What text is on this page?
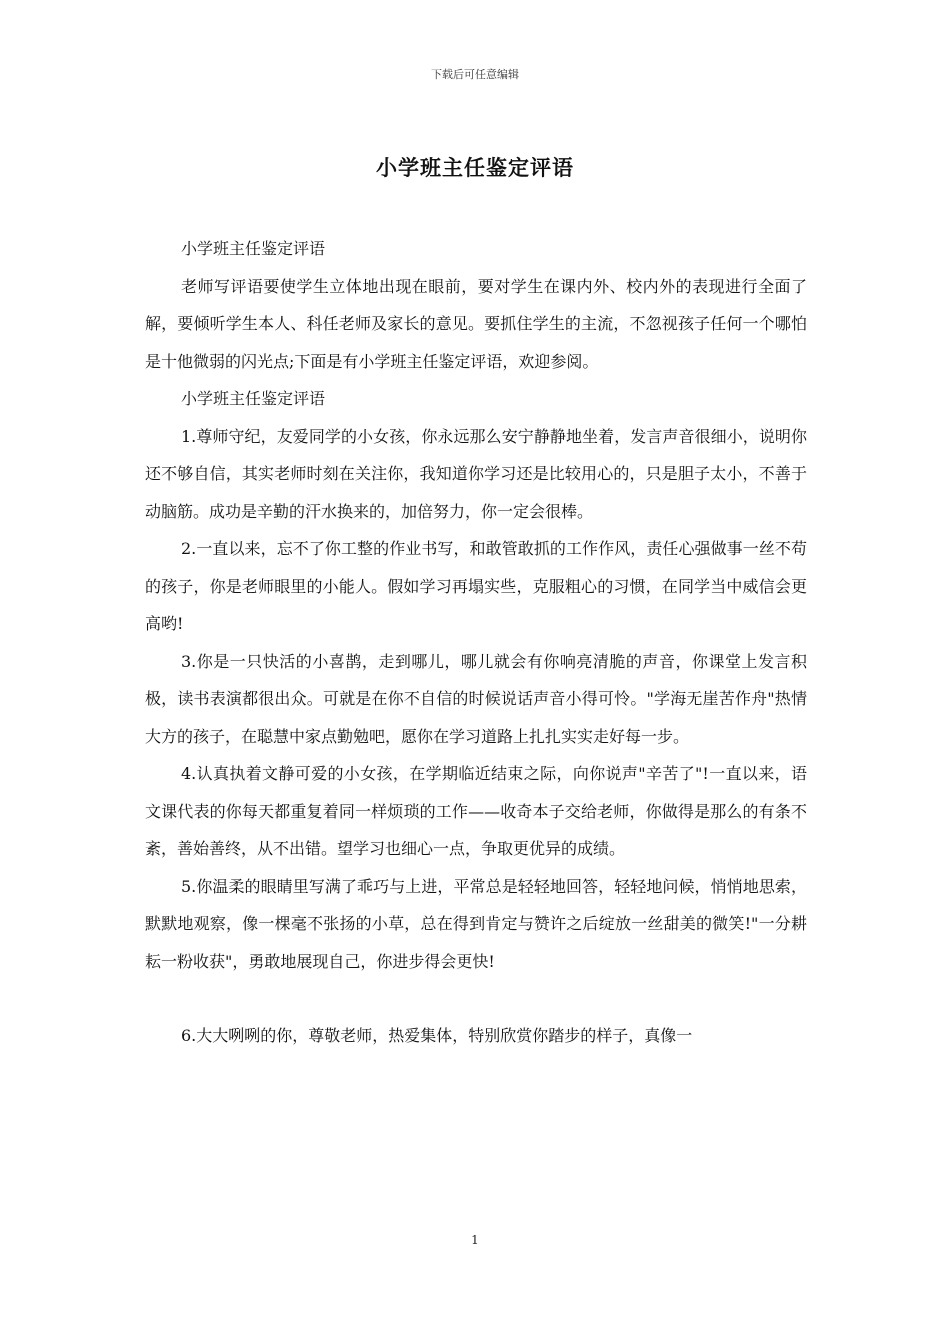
下载后可任意编辑
小学班主任鉴定评语

小学班主任鉴定评语

老师写评语要使学生立体地出现在眼前，要对学生在课内外、校内外的表现进行全面了解，要倾听学生本人、科任老师及家长的意见。要抓住学生的主流，不忽视孩子任何一个哪怕是十他微弱的闪光点;下面是有小学班主任鉴定评语，欢迎参阅。

小学班主任鉴定评语

1.尊师守纪，友爱同学的小女孩，你永远那么安宁静静地坐着，发言声音很细小，说明你还不够自信，其实老师时刻在关注你，我知道你学习还是比较用心的，只是胆子太小，不善于动脑筋。成功是辛勤的汗水换来的，加倍努力，你一定会很棒。

2.一直以来，忘不了你工整的作业书写，和敢管敢抓的工作作风，责任心强做事一丝不苟的孩子，你是老师眼里的小能人。假如学习再塌实些，克服粗心的习惯，在同学当中威信会更高哟!

3.你是一只快活的小喜鹊，走到哪儿，哪儿就会有你响亮清脆的声音，你课堂上发言积极，读书表演都很出众。可就是在你不自信的时候说话声音小得可怜。"学海无崖苦作舟"热情大方的孩子，在聪慧中家点勤勉吧，愿你在学习道路上扎扎实实走好每一步。

4.认真执着文静可爱的小女孩，在学期临近结束之际，向你说声"辛苦了"!一直以来，语文课代表的你每天都重复着同一样烦琐的工作——收奇本子交给老师，你做得是那么的有条不紊，善始善终，从不出错。望学习也细心一点，争取更优异的成绩。

5.你温柔的眼睛里写满了乖巧与上进，平常总是轻轻地回答，轻轻地问候，悄悄地思索，默默地观察，像一棵毫不张扬的小草，总在得到肯定与赞许之后绽放一丝甜美的微笑!"一分耕耘一粉收获"，勇敢地展现自己，你进步得会更快!

6.大大咧咧的你，尊敬老师，热爱集体，特别欣赏你踏步的样子，真像一

1
